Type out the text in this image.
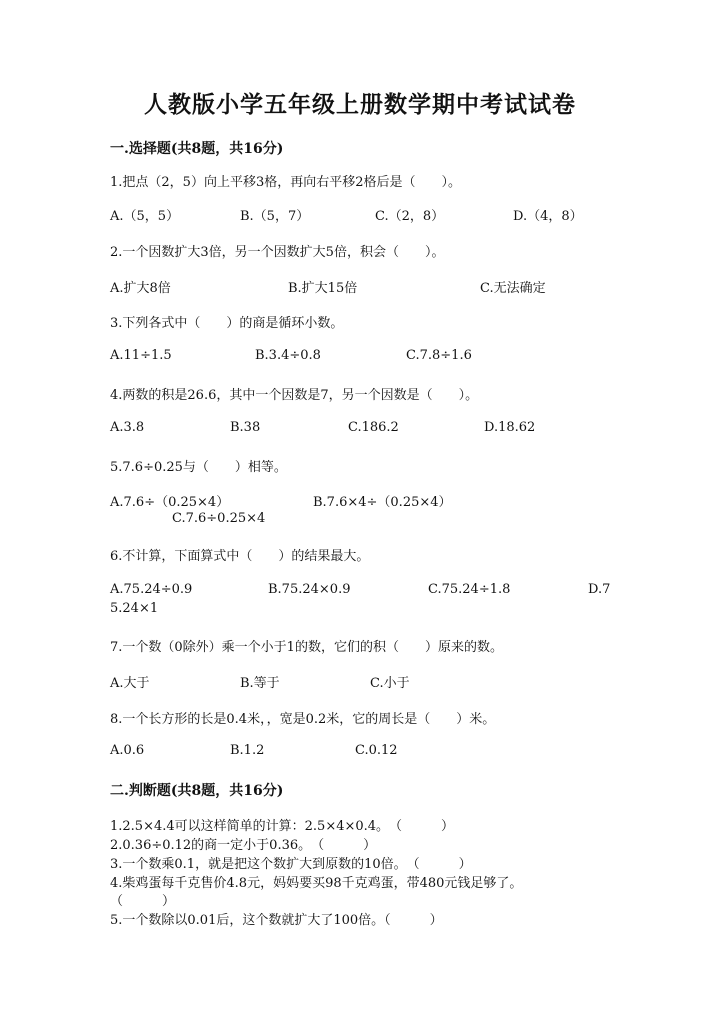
人教版小学五年级上册数学期中考试试卷
一.选择题(共8题，共16分)
1.把点（2，5）向上平移3格，再向右平移2格后是（　　）。
A.（5，5）	B.（5，7）	C.（2，8）	D.（4，8）
2.一个因数扩大3倍，另一个因数扩大5倍，积会（　　）。
A.扩大8倍	B.扩大15倍	C.无法确定
3.下列各式中（　　）的商是循环小数。
A.11÷1.5	B.3.4÷0.8	C.7.8÷1.6
4.两数的积是26.6，其中一个因数是7，另一个因数是（　　）。
A.3.8	B.38	C.186.2	D.18.62
5.7.6÷0.25与（　　）相等。
A.7.6÷（0.25×4）	B.7.6×4÷（0.25×4）
C.7.6÷0.25×4
6.不计算，下面算式中（　　）的结果最大。
A.75.24÷0.9	B.75.24×0.9	C.75.24÷1.8	D.7
5.24×1
7.一个数（0除外）乘一个小于1的数，它们的积（　　）原来的数。
A.大于	B.等于	C.小于
8.一个长方形的长是0.4米，，宽是0.2米，它的周长是（　　）米。
A.0.6	B.1.2	C.0.12
二.判断题(共8题，共16分)
1.2.5×4.4可以这样简单的计算：2.5×4×0.4。　（　　　）
2.0.36÷0.12的商一定小于0.36。　（　　　）
3.一个数乘0.1，就是把这个数扩大到原数的10倍。　（　　　）
4.柴鸡蛋每千克售价4.8元，妈妈要买98千克鸡蛋，带480元钱足够了。
（　　　）
5.一个数除以0.01后，这个数就扩大了100倍。（　　　）
